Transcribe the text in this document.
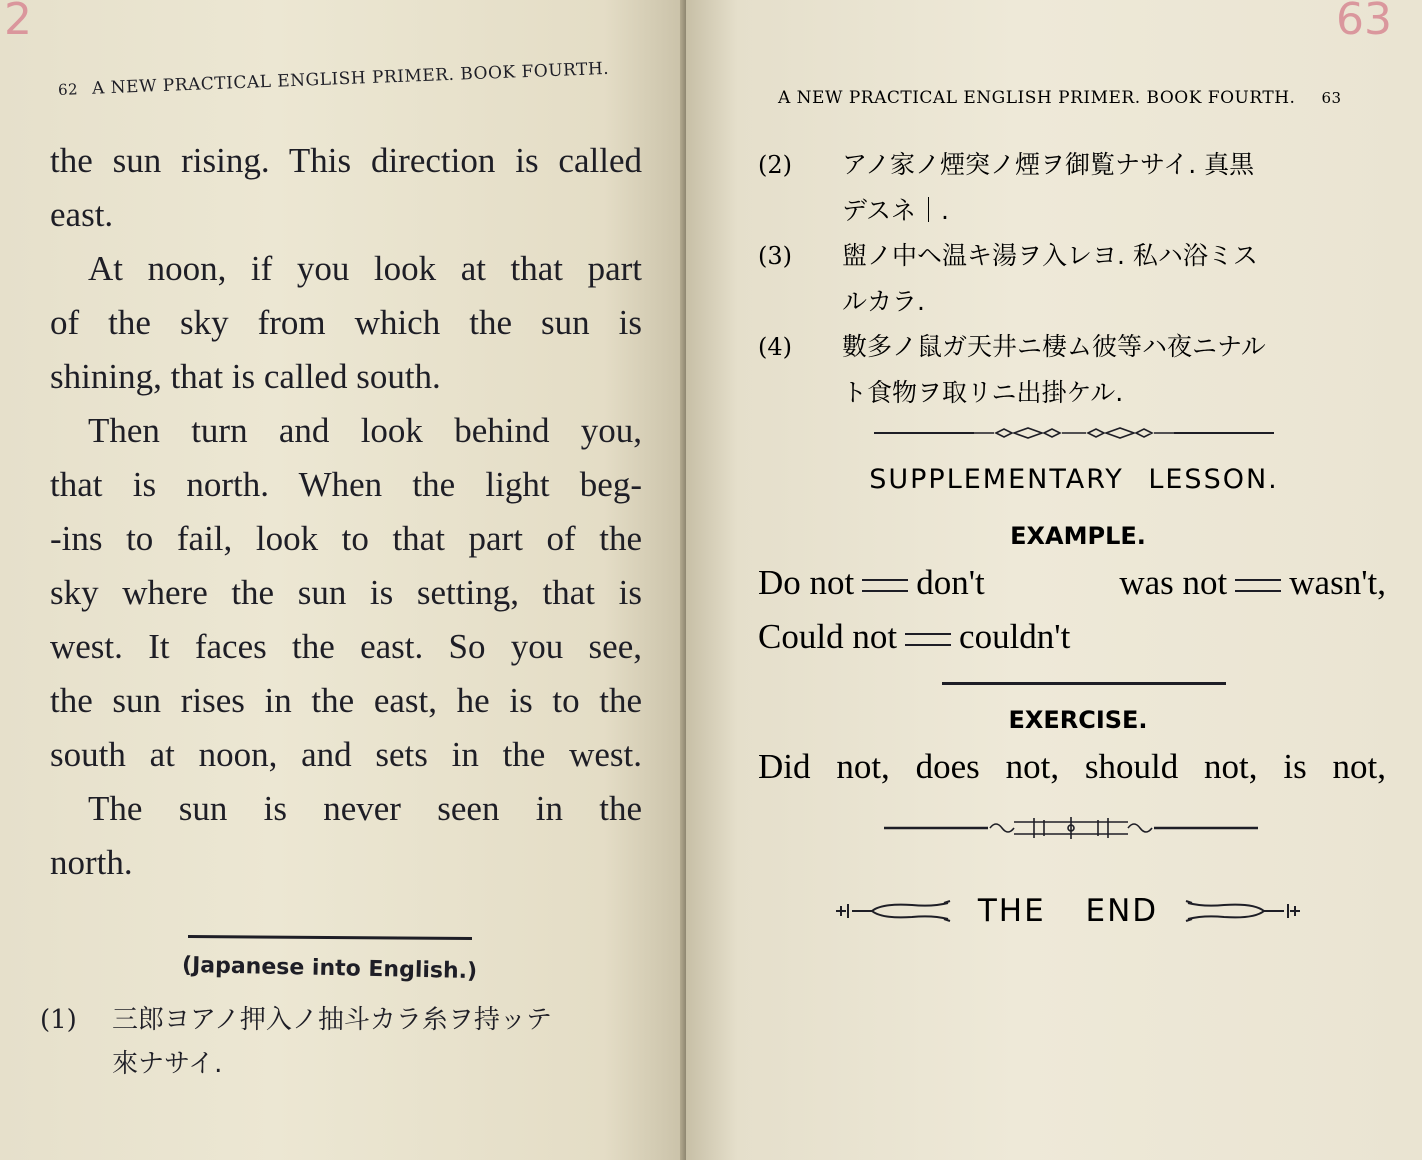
2
62 A NEW PRACTICAL ENGLISH PRIMER. BOOK FOURTH.
the sun rising. This direction is called
east.
At noon, if you look at that part
of the sky from which the sun is
shining, that is called south.
Then turn and look behind you,
that is north. When the light beg-
-ins to fail, look to that part of the
sky where the sun is setting, that is
west. It faces the east. So you see,
the sun rises in the east, he is to the
south at noon, and sets in the west.
The sun is never seen in the
north.
(Japanese into English.)
(1) 三郎ヨアノ押入ノ抽斗カラ糸ヲ持ッテ
來ナサイ.
63
A NEW PRACTICAL ENGLISH PRIMER. BOOK FOURTH. 63
(2) アノ家ノ煙突ノ煙ヲ御覧ナサイ. 真黒
デスネ｜.
(3) 盥ノ中ヘ温キ湯ヲ入レヨ. 私ハ浴ミス
ルカラ.
(4) 數多ノ鼠ガ天井ニ棲ム彼等ハ夜ニナル
ト食物ヲ取リニ出掛ケル.
SUPPLEMENTARY LESSON.
EXAMPLE.
Do not don't	was not wasn't,
Could not couldn't
EXERCISE.
Did not, does not, should not, is not,
THE END
